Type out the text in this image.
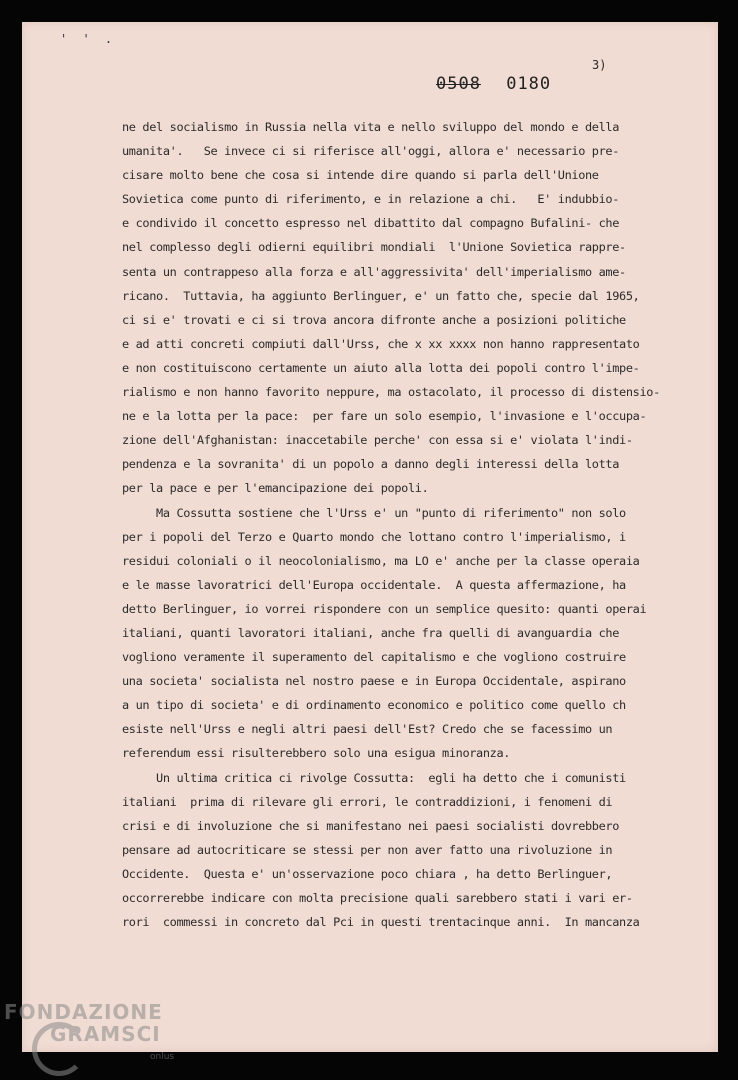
' ' .
3)
0508 0180
ne del socialismo in Russia nella vita e nello sviluppo del mondo e della
umanita'.   Se invece ci si riferisce all'oggi, allora e' necessario pre-
cisare molto bene che cosa si intende dire quando si parla dell'Unione
Sovietica come punto di riferimento, e in relazione a chi.   E' indubbio-
e condivido il concetto espresso nel dibattito dal compagno Bufalini- che
nel complesso degli odierni equilibri mondiali  l'Unione Sovietica rappre-
senta un contrappeso alla forza e all'aggressivita' dell'imperialismo ame-
ricano.  Tuttavia, ha aggiunto Berlinguer, e' un fatto che, specie dal 1965,
ci si e' trovati e ci si trova ancora difronte anche a posizioni politiche
e ad atti concreti compiuti dall'Urss, che x xx xxxx non hanno rappresentato
e non costituiscono certamente un aiuto alla lotta dei popoli contro l'impe-
rialismo e non hanno favorito neppure, ma ostacolato, il processo di distensio-
ne e la lotta per la pace:  per fare un solo esempio, l'invasione e l'occupa-
zione dell'Afghanistan: inaccetabile perche' con essa si e' violata l'indi-
pendenza e la sovranita' di un popolo a danno degli interessi della lotta
per la pace e per l'emancipazione dei popoli.
Ma Cossutta sostiene che l'Urss e' un "punto di riferimento" non solo
per i popoli del Terzo e Quarto mondo che lottano contro l'imperialismo, i
residui coloniali o il neocolonialismo, ma LO e' anche per la classe operaia
e le masse lavoratrici dell'Europa occidentale.  A questa affermazione, ha
detto Berlinguer, io vorrei rispondere con un semplice quesito: quanti operai
italiani, quanti lavoratori italiani, anche fra quelli di avanguardia che
vogliono veramente il superamento del capitalismo e che vogliono costruire
una societa' socialista nel nostro paese e in Europa Occidentale, aspirano
a un tipo di societa' e di ordinamento economico e politico come quello ch
esiste nell'Urss e negli altri paesi dell'Est? Credo che se facessimo un
referendum essi risulterebbero solo una esigua minoranza.
Un ultima critica ci rivolge Cossutta:  egli ha detto che i comunisti
italiani  prima di rilevare gli errori, le contraddizioni, i fenomeni di
crisi e di involuzione che si manifestano nei paesi socialisti dovrebbero
pensare ad autocriticare se stessi per non aver fatto una rivoluzione in
Occidente.  Questa e' un'osservazione poco chiara , ha detto Berlinguer,
occorrerebbe indicare con molta precisione quali sarebbero stati i vari er-
rori  commessi in concreto dal Pci in questi trentacinque anni.  In mancanza
FONDAZIONE
GRAMSCI
onlus
